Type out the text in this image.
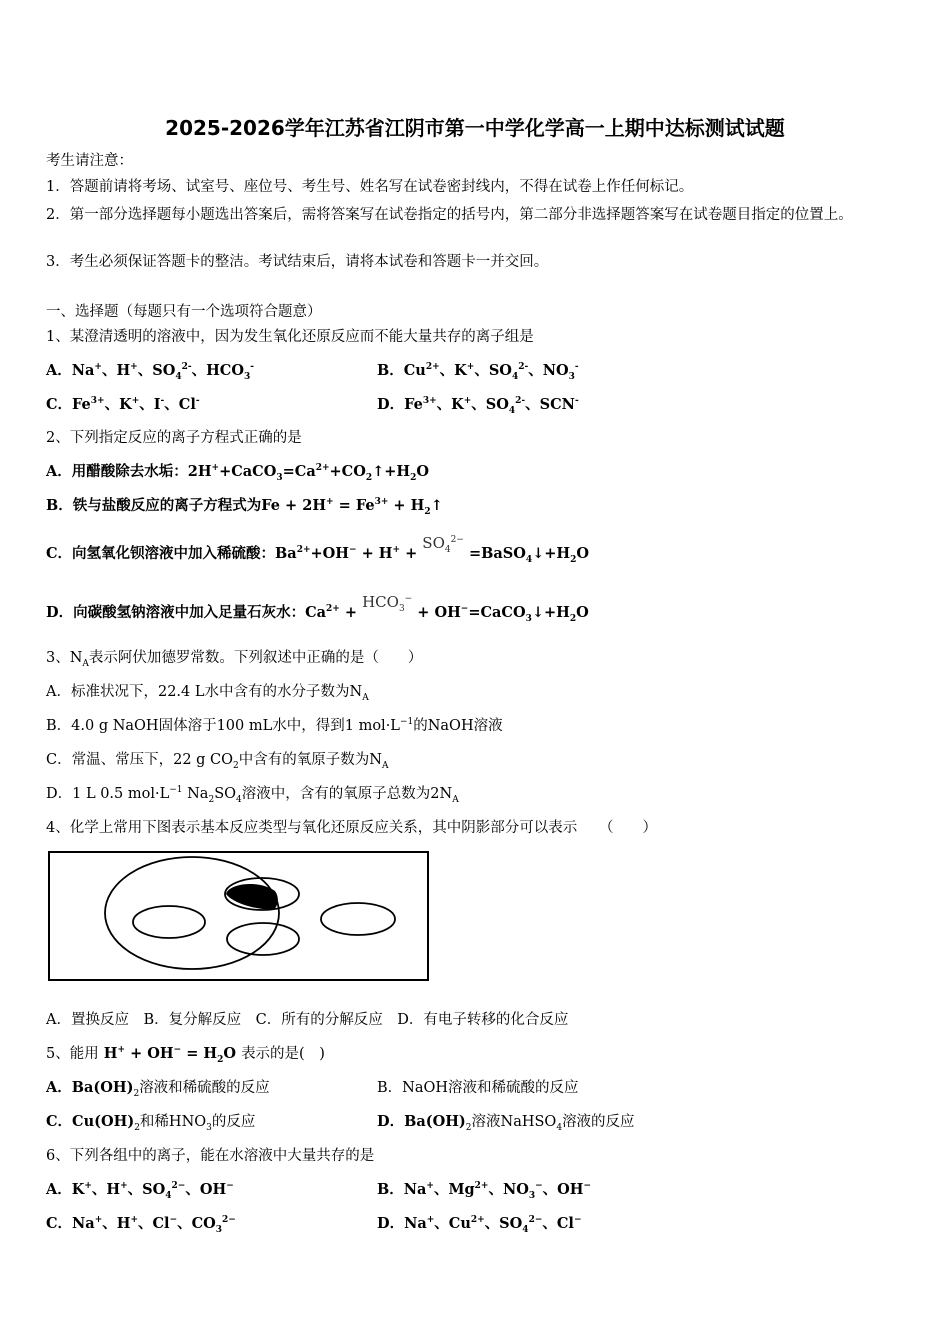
2025-2026学年江苏省江阴市第一中学化学高一上期中达标测试试题
考生请注意：
1．答题前请将考场、试室号、座位号、考生号、姓名写在试卷密封线内，不得在试卷上作任何标记。
2．第一部分选择题每小题选出答案后，需将答案写在试卷指定的括号内，第二部分非选择题答案写在试卷题目指定的位置上。
3．考生必须保证答题卡的整洁。考试结束后，请将本试卷和答题卡一并交回。
一、选择题（每题只有一个选项符合题意）
1、某澄清透明的溶液中，因为发生氧化还原反应而不能大量共存的离子组是
A．Na+、H+、$SO_4^{2-}$、$HCO_3^-$	B．$Cu^{2+}$、K+、$SO_4^{2-}$、$NO_3^-$
C．$Fe^{3+}$、K+、I-、Cl-	D．$Fe^{3+}$、K+、$SO_4^{2-}$、SCN-
2、下列指定反应的离子方程式正确的是
A．用醋酸除去水垢：$2H^++CaCO_3=Ca^{2+}+CO_2↑+H_2O$
B．铁与盐酸反应的离子方程式为$Fe + 2H^+ = Fe^{3+}$ + $H_2↑$
C．向氢氧化钡溶液中加入稀硫酸：$Ba^{2+}+OH^- + H^+ + SO_4^{2-}$ $=BaSO_4↓+H_2O$
D．向碳酸氢钠溶液中加入足量石灰水：$Ca^{2+} + HCO_3^-$ + $OH^-=CaCO_3↓+H_2O$
3、$N_A$表示阿伏加德罗常数。下列叙述中正确的是（　　）
A．标准状况下，22.4 L水中含有的水分子数为$N_A$
B．4.0 g NaOH固体溶于100 mL水中，得到1 $mol\cdot L^{-1}$的NaOH溶液
C．常温、常压下，22 g $CO_2$中含有的氧原子数为$N_A$
D．1 L 0.5 $mol\cdot L^{-1}$ $Na_2SO_4$溶液中，含有的氧原子总数为$2N_A$
4、化学上常用下图表示基本反应类型与氧化还原反应关系，其中阴影部分可以表示　　（　　）
A．置换反应　B．复分解反应　C．所有的分解反应　D．有电子转移的化合反应
5、能用 $H^+ + OH^- = H_2O$ 表示的是(　)
A．$Ba(OH)_2$溶液和稀硫酸的反应	B．NaOH溶液和稀硫酸的反应
C．$Cu(OH)_2$和稀$HNO_3$的反应	D．$Ba(OH)_2$溶液NaHSO$_4$溶液的反应
6、下列各组中的离子，能在水溶液中大量共存的是
A．K+、H+、$SO_4^{2-}$、OH−	B．Na+、$Mg^{2+}$、$NO_3^-$、OH−
C．Na+、H+、Cl−、$CO_3^{2-}$	D．Na+、$Cu^{2+}$、$SO_4^{2-}$、Cl−
